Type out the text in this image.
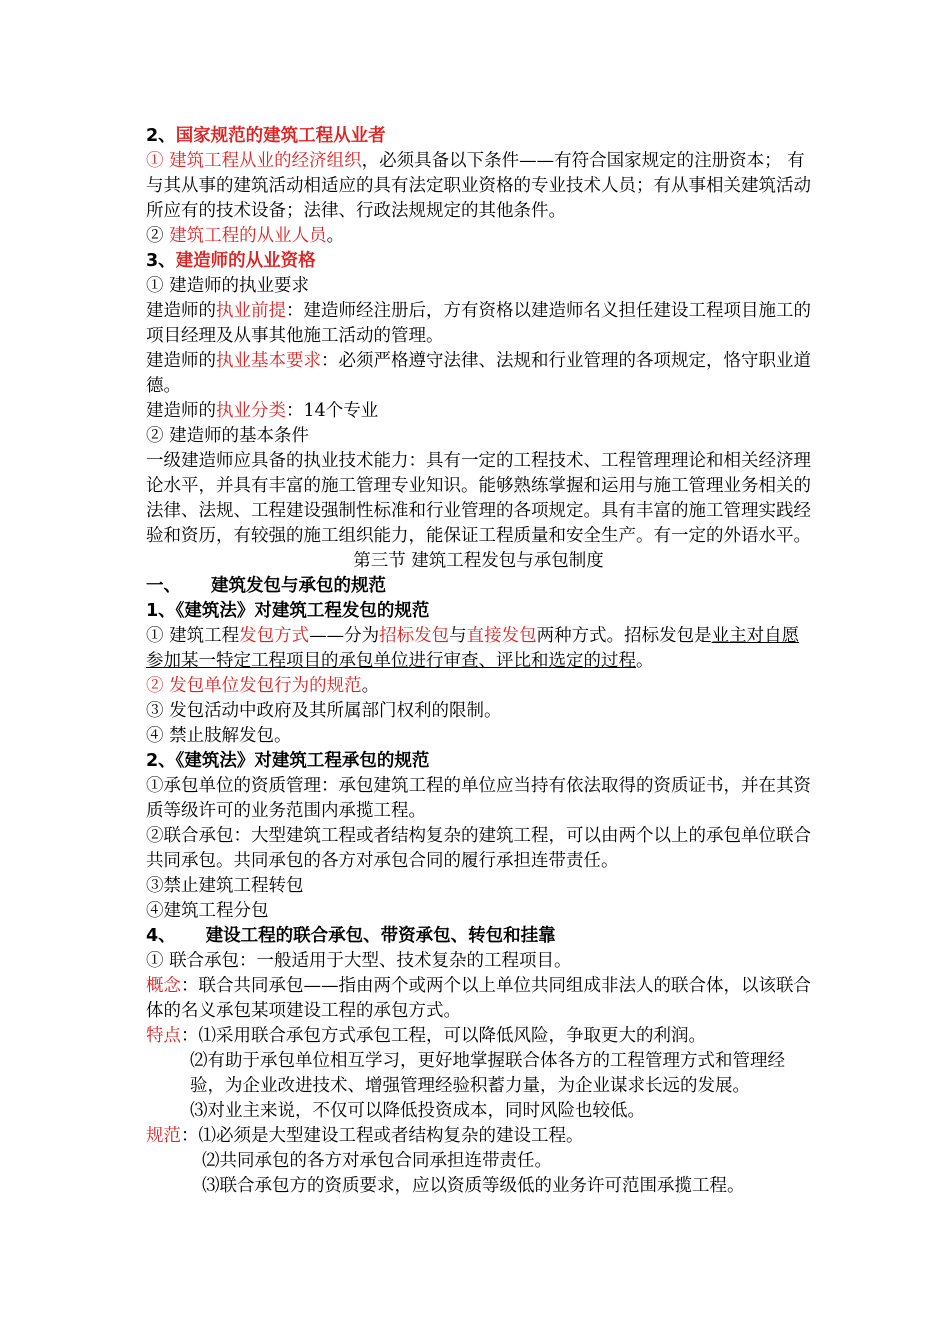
2、国家规范的建筑工程从业者

① 建筑工程从业的经济组织，必须具备以下条件——有符合国家规定的注册资本； 有与其从事的建筑活动相适应的具有法定职业资格的专业技术人员；有从事相关建筑活动所应有的技术设备；法律、行政法规规定的其他条件。

② 建筑工程的从业人员。

3、建造师的从业资格

① 建造师的执业要求

建造师的执业前提：建造师经注册后，方有资格以建造师名义担任建设工程项目施工的项目经理及从事其他施工活动的管理。

建造师的执业基本要求：必须严格遵守法律、法规和行业管理的各项规定，恪守职业道德。

建造师的执业分类：14个专业

② 建造师的基本条件

一级建造师应具备的执业技术能力：具有一定的工程技术、工程管理理论和相关经济理论水平，并具有丰富的施工管理专业知识。能够熟练掌握和运用与施工管理业务相关的法律、法规、工程建设强制性标准和行业管理的各项规定。具有丰富的施工管理实践经验和资历，有较强的施工组织能力，能保证工程质量和安全生产。有一定的外语水平。

第三节 建筑工程发包与承包制度

一、 建筑发包与承包的规范

1、《建筑法》对建筑工程发包的规范

① 建筑工程发包方式——分为招标发包与直接发包两种方式。招标发包是业主对自愿参加某一特定工程项目的承包单位进行审查、评比和选定的过程。

② 发包单位发包行为的规范。

③ 发包活动中政府及其所属部门权利的限制。

④ 禁止肢解发包。

2、《建筑法》对建筑工程承包的规范

①承包单位的资质管理：承包建筑工程的单位应当持有依法取得的资质证书，并在其资质等级许可的业务范围内承揽工程。

②联合承包：大型建筑工程或者结构复杂的建筑工程，可以由两个以上的承包单位联合共同承包。共同承包的各方对承包合同的履行承担连带责任。

③禁止建筑工程转包

④建筑工程分包

4、 建设工程的联合承包、带资承包、转包和挂靠

① 联合承包：一般适用于大型、技术复杂的工程项目。

概念：联合共同承包——指由两个或两个以上单位共同组成非法人的联合体，以该联合体的名义承包某项建设工程的承包方式。

特点：⑴采用联合承包方式承包工程，可以降低风险，争取更大的利润。

⑵有助于承包单位相互学习，更好地掌握联合体各方的工程管理方式和管理经验，为企业改进技术、增强管理经验积蓄力量，为企业谋求长远的发展。

⑶对业主来说，不仅可以降低投资成本，同时风险也较低。

规范：⑴必须是大型建设工程或者结构复杂的建设工程。

⑵共同承包的各方对承包合同承担连带责任。

⑶联合承包方的资质要求，应以资质等级低的业务许可范围承揽工程。
